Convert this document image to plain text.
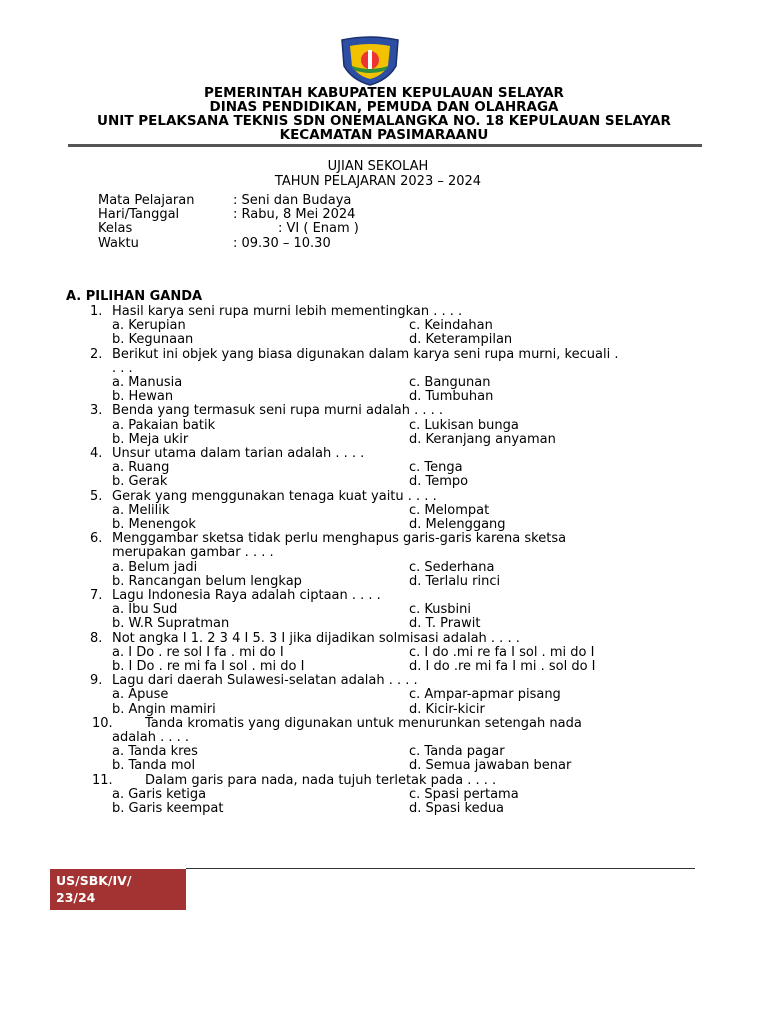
PEMERINTAH KABUPATEN KEPULAUAN SELAYAR
DINAS PENDIDIKAN, PEMUDA DAN OLAHRAGA
UNIT PELAKSANA TEKNIS SDN ONEMALANGKA NO. 18 KEPULAUAN SELAYAR
KECAMATAN PASIMARAANU
UJIAN SEKOLAH
TAHUN PELAJARAN 2023 – 2024
Mata Pelajaran	: Seni dan Budaya
Hari/Tanggal	: Rabu, 8 Mei 2024
Kelas	: VI ( Enam )
Waktu	: 09.30 – 10.30
A. PILIHAN GANDA
1. Hasil karya seni rupa murni lebih mementingkan . . . .
a. Kerupian	c. Keindahan
b. Kegunaan	d. Keterampilan
2. Berikut ini objek yang biasa digunakan dalam karya seni rupa murni, kecuali .
. . .
a. Manusia	c. Bangunan
b. Hewan	d. Tumbuhan
3. Benda yang termasuk seni rupa murni adalah . . . .
a. Pakaian batik	c. Lukisan bunga
b. Meja ukir	d. Keranjang anyaman
4. Unsur utama dalam tarian adalah . . . .
a. Ruang	c. Tenga
b. Gerak	d. Tempo
5. Gerak yang menggunakan tenaga kuat yaitu . . . .
a. Melilik	c. Melompat
b. Menengok	d. Melenggang
6. Menggambar sketsa tidak perlu menghapus garis-garis karena sketsa
merupakan gambar . . . .
a. Belum jadi	c. Sederhana
b. Rancangan belum lengkap	d. Terlalu rinci
7. Lagu Indonesia Raya adalah ciptaan . . . .
a. Ibu Sud	c. Kusbini
b. W.R Supratman	d. T. Prawit
8. Not angka I 1. 2 3 4 I 5. 3 I jika dijadikan solmisasi adalah . . . .
a. I Do . re sol I fa . mi do I	c. I do .mi re fa I sol . mi do I
b. I Do . re mi fa I sol . mi do I	d. I do .re mi fa I mi . sol do I
9. Lagu dari daerah Sulawesi-selatan adalah . . . .
a. Apuse	c. Ampar-apmar pisang
b. Angin mamiri	d. Kicir-kicir
10. Tanda kromatis yang digunakan untuk menurunkan setengah nada
adalah . . . .
a. Tanda kres	c. Tanda pagar
b. Tanda mol	d. Semua jawaban benar
11. Dalam garis para nada, nada tujuh terletak pada . . . .
a. Garis ketiga	c. Spasi pertama
b. Garis keempat	d. Spasi kedua
US/SBK/IV/
23/24
